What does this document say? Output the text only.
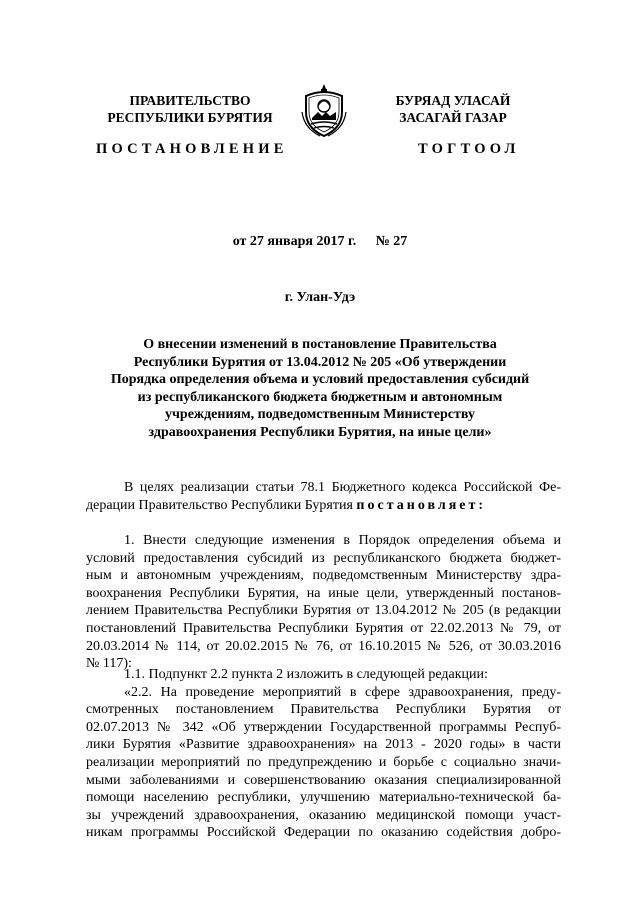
ПРАВИТЕЛЬСТВО
РЕСПУБЛИКИ БУРЯТИЯ
БУРЯАД УЛАСАЙ
ЗАСАГАЙ ГАЗАР
ПОСТАНОВЛЕНИЕ	ТОГТООЛ
от 27 января 2017 г. № 27
г. Улан-Удэ
О внесении изменений в постановление Правительства
Республики Бурятия от 13.04.2012 № 205 «Об утверждении
Порядка определения объема и условий предоставления субсидий
из республиканского бюджета бюджетным и автономным
учреждениям, подведомственным Министерству
здравоохранения Республики Бурятия, на иные цели»
В целях реализации статьи 78.1 Бюджетного кодекса Российской Фе-
дерации Правительство Республики Бурятия постановляет:
1. Внести следующие изменения в Порядок определения объема и
условий предоставления субсидий из республиканского бюджета бюджет-
ным и автономным учреждениям, подведомственным Министерству здра-
воохранения Республики Бурятия, на иные цели, утвержденный постанов-
лением Правительства Республики Бурятия от 13.04.2012 № 205 (в редакции
постановлений Правительства Республики Бурятия от 22.02.2013 № 79, от
20.03.2014 № 114, от 20.02.2015 № 76, от 16.10.2015 № 526, от 30.03.2016
№ 117):
1.1. Подпункт 2.2 пункта 2 изложить в следующей редакции:
«2.2. На проведение мероприятий в сфере здравоохранения, преду-
смотренных постановлением Правительства Республики Бурятия от
02.07.2013 № 342 «Об утверждении Государственной программы Респуб-
лики Бурятия «Развитие здравоохранения» на 2013 - 2020 годы» в части
реализации мероприятий по предупреждению и борьбе с социально значи-
мыми заболеваниями и совершенствованию оказания специализированной
помощи населению республики, улучшению материально-технической ба-
зы учреждений здравоохранения, оказанию медицинской помощи участ-
никам программы Российской Федерации по оказанию содействия добро-
